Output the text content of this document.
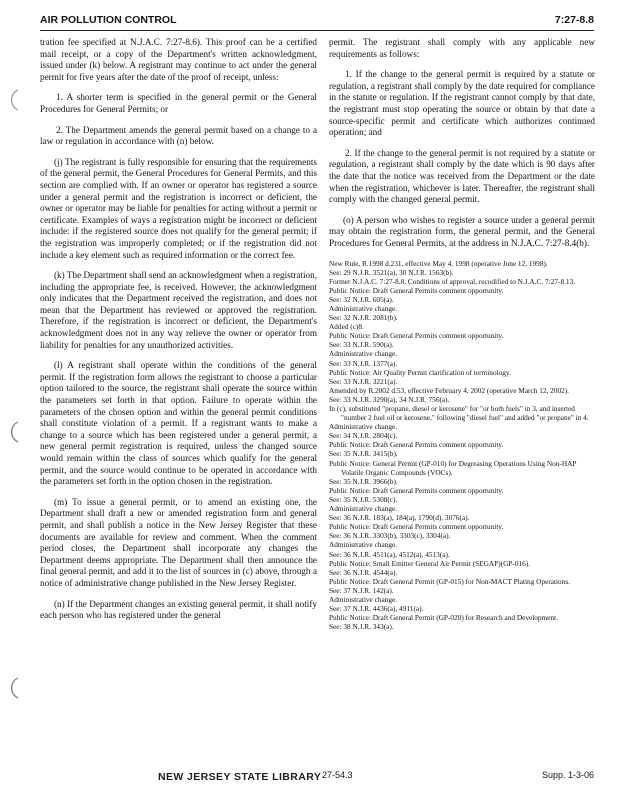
AIR POLLUTION CONTROL	7:27-8.8

tration fee specified at N.J.A.C. 7:27-8.6). This proof can be a certified mail receipt, or a copy of the Department's written acknowledgment, issued under (k) below. A registrant may continue to act under the general permit for five years after the date of the proof of receipt, unless:

1. A shorter term is specified in the general permit or the General Procedures for General Permits; or

2. The Department amends the general permit based on a change to a law or regulation in accordance with (n) below.

(j) The registrant is fully responsible for ensuring that the requirements of the general permit, the General Procedures for General Permits, and this section are complied with. If an owner or operator has registered a source under a general permit and the registration is incorrect or deficient, the owner or operator may be liable for penalties for acting without a permit or certificate. Examples of ways a registration might be incorrect or deficient include: if the registered source does not qualify for the general permit; if the registration was improperly completed; or if the registration did not include a key element such as required information or the correct fee.

(k) The Department shall send an acknowledgment when a registration, including the appropriate fee, is received. However, the acknowledgment only indicates that the Department received the registration, and does not mean that the Department has reviewed or approved the registration. Therefore, if the registration is incorrect or deficient, the Department's acknowledgment does not in any way relieve the owner or operator from liability for penalties for any unauthorized activities.

(l) A registrant shall operate within the conditions of the general permit. If the registration form allows the registrant to choose a particular option tailored to the source, the registrant shall operate the source within the parameters set forth in that option. Failure to operate within the parameters of the chosen option and within the general permit conditions shall constitute violation of a permit. If a registrant wants to make a change to a source which has been registered under a general permit, a new general permit registration is required, unless the changed source would remain within the class of sources which qualify for the general permit, and the source would continue to be operated in accordance with the parameters set forth in the option chosen in the registration.

(m) To issue a general permit, or to amend an existing one, the Department shall draft a new or amended registration form and general permit, and shall publish a notice in the New Jersey Register that these documents are available for review and comment. When the comment period closes, the Department shall incorporate any changes the Department deems appropriate. The Department shall then announce the final general permit, and add it to the list of sources in (c) above, through a notice of administrative change published in the New Jersey Register.

(n) If the Department changes an existing general permit, it shall notify each person who has registered under the general

permit. The registrant shall comply with any applicable new requirements as follows:

1. If the change to the general permit is required by a statute or regulation, a registrant shall comply by the date required for compliance in the statute or regulation. If the registrant cannot comply by that date, the registrant must stop operating the source or obtain by that date a source-specific permit and certificate which authorizes continued operation; and

2. If the change to the general permit is not required by a statute or regulation, a registrant shall comply by the date which is 90 days after the date that the notice was received from the Department or the date when the registration, whichever is later. Thereafter, the registrant shall comply with the changed general permit.

(o) A person who wishes to register a source under a general permit may obtain the registration form, the general permit, and the General Procedures for General Permits, at the address in N.J.A.C. 7:27-8.4(b).

New Rule, R.1998 d.231, effective May 4, 1998 (operative June 12, 1998).

See: 29 N.J.R. 3521(a), 30 N.J.R. 1563(b).

Former N.J.A.C. 7:27-8.8, Conditions of approval, recodified to N.J.A.C. 7:27-8.13.

Public Notice: Draft General Permits comment opportunity.

See: 32 N.J.R. 605(a).

Administrative change.

See: 32 N.J.R. 2081(b).

Added (c)8.

Public Notice: Draft General Permits comment opportunity.

See: 33 N.J.R. 590(a).

Administrative change.

See: 33 N.J.R. 1377(a).

Public Notice: Air Quality Permit clarification of terminology.

See: 33 N.J.R. 3221(a).

Amended by R.2002 d.53, effective February 4, 2002 (operative March 12, 2002).

See: 33 N.J.R. 3290(a), 34 N.J.R. 756(a).

In (c), substituted "propane, diesel or kerosene" for "or both fuels" in 3, and inserted "number 2 fuel oil or kerosene," following "diesel fuel" and added "or propane" in 4.

Administrative change.

See: 34 N.J.R. 2804(c).

Public Notice: Draft General Permits comment opportunity.

See: 35 N.J.R. 3415(b).

Public Notice: General Permit (GP-010) for Degreasing Operations Using Non-HAP Volatile Organic Compounds (VOCs).

See: 35 N.J.R. 3966(b).

Public Notice: Draft General Permits comment opportunity.

See: 35 N.J.R. 5308(c).

Administrative change.

See: 36 N.J.R. 183(a), 184(a), 1790(d), 3076(a).

Public Notice: Draft General Permits comment opportunity.

See: 36 N.J.R. 3303(b), 3303(c), 3304(a).

Administrative change.

See: 36 N.J.R. 4511(a), 4512(a), 4513(a).

Public Notice: Small Emitter General Air Permit (SEGAP)(GP-016).

See: 36 N.J.R. 4544(a).

Public Notice: Draft General Permit (GP-015) for Non-MACT Plating Operations.

See: 37 N.J.R. 142(a).

Administrative change.

See: 37 N.J.R. 4436(a), 4911(a).

Public Notice: Draft General Permit (GP-020) for Research and Development.

See: 38 N.J.R. 343(a).

NEW JERSEY STATE LIBRARY 27-54.3	Supp. 1-3-06
